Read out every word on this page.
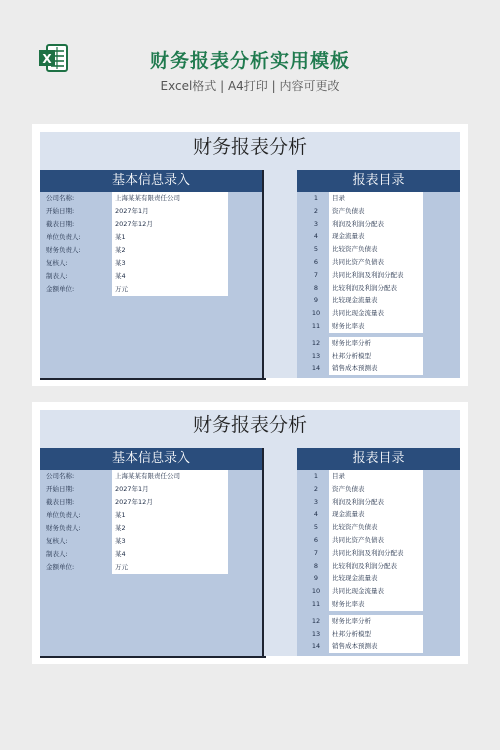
X	财务报表分析实用模板
Excel格式 | A4打印 | 内容可更改
财务报表分析
基本信息录入
公司名称:	上海某某有限责任公司
开始日期:	2027年1月
截表日期:	2027年12月
单位负责人:	某1
财务负责人:	某2
复核人:	某3
制表人:	某4
金额单位:	万元
报表目录
1	目录
2	资产负债表
3	利润及利润分配表
4	现金流量表
5	比较资产负债表
6	共同比资产负债表
7	共同比利润及利润分配表
8	比较利润及利润分配表
9	比较现金流量表
10	共同比现金流量表
11	财务比率表
12	财务比率分析
13	杜邦分析模型
14	销售成本预测表
财务报表分析
基本信息录入
公司名称:	上海某某有限责任公司
开始日期:	2027年1月
截表日期:	2027年12月
单位负责人:	某1
财务负责人:	某2
复核人:	某3
制表人:	某4
金额单位:	万元
报表目录
1	目录
2	资产负债表
3	利润及利润分配表
4	现金流量表
5	比较资产负债表
6	共同比资产负债表
7	共同比利润及利润分配表
8	比较利润及利润分配表
9	比较现金流量表
10	共同比现金流量表
11	财务比率表
12	财务比率分析
13	杜邦分析模型
14	销售成本预测表
